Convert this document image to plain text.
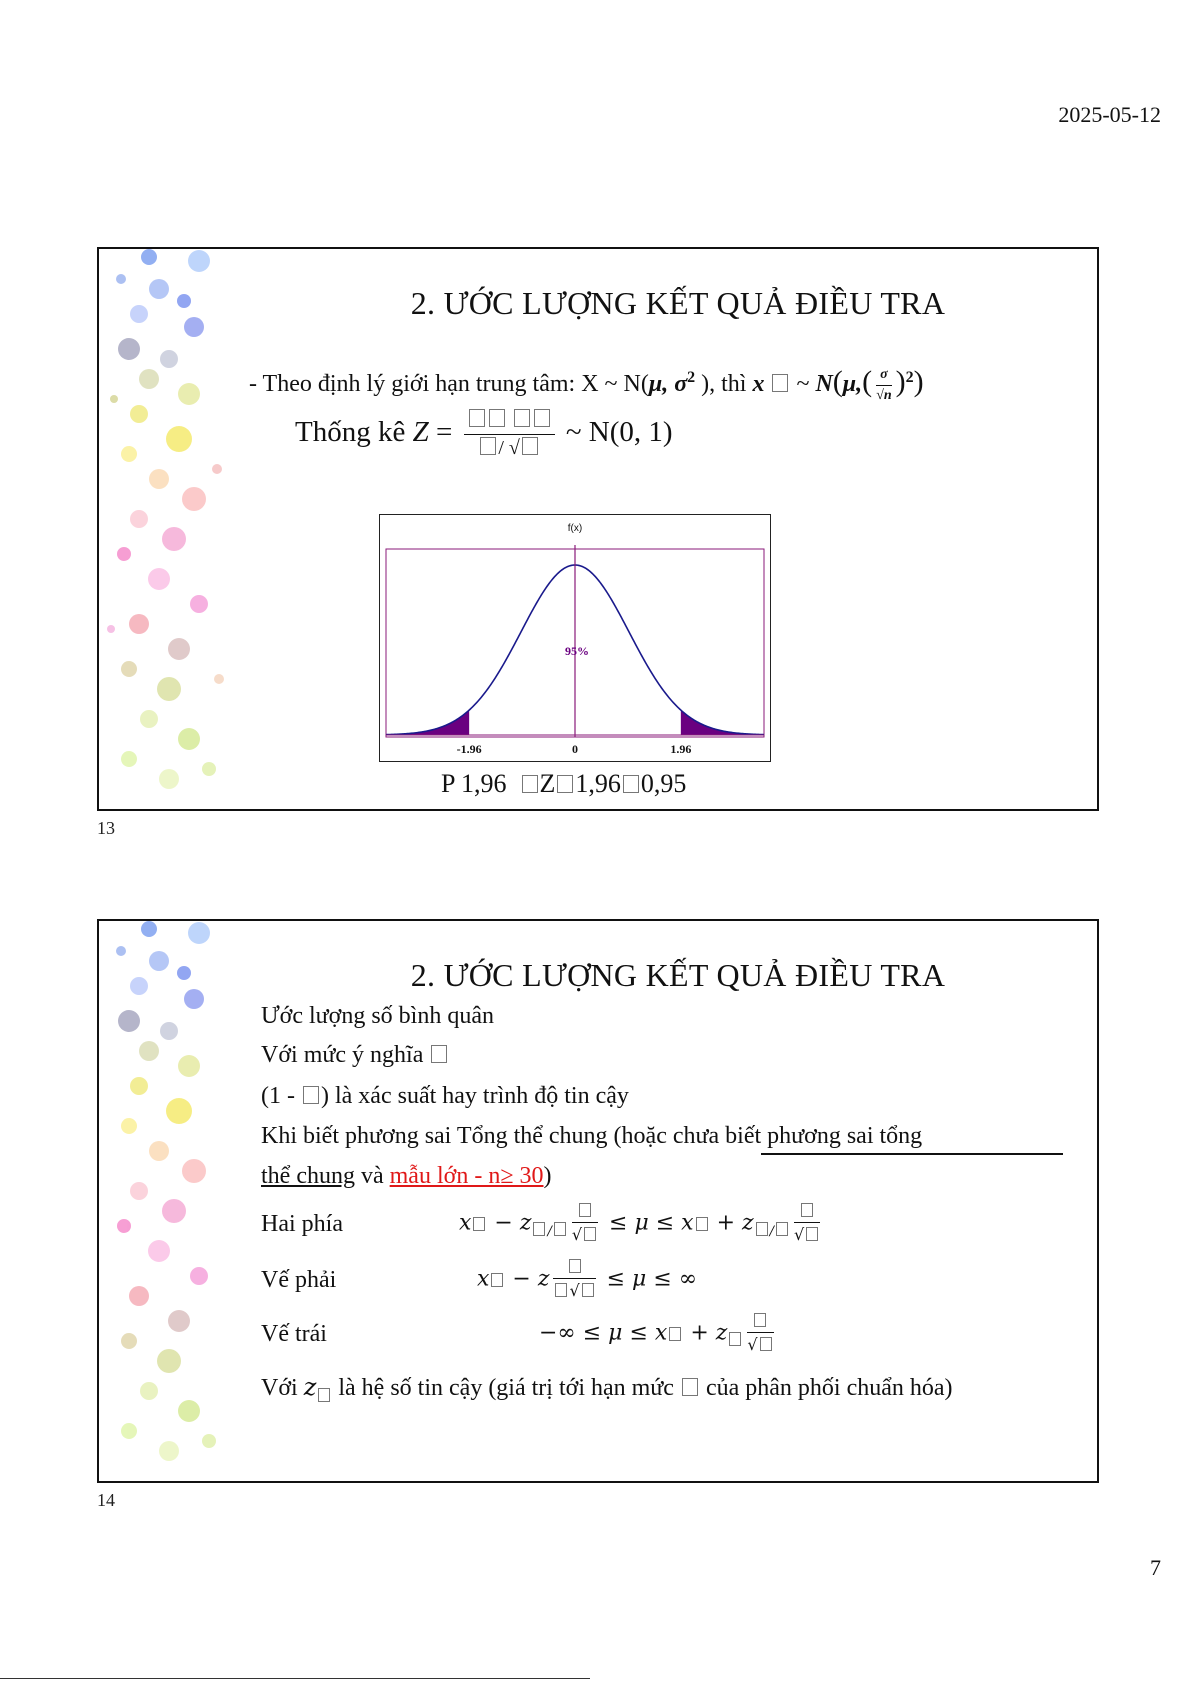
2025-05-12
2. ƯỚC LƯỢNG KẾT QUẢ ĐIỀU TRA
- Theo định lý giới hạn trung tâm: X ~ N(μ, $\sigma^2$ ), thì x  ~ $N(\mu,( \frac{\sigma}{√n} )^2)$
Thống kê Z =
	/ √	~ N(0, 1)
f(x)
95%
-1.96	0	1.96
P 1,96 Z 1,96 0,95
13
2. ƯỚC LƯỢNG KẾT QUẢ ĐIỀU TRA
Ước lượng số bình quân
Với mức ý nghĩa
(1 - ) là xác suất hay trình độ tin cậy
Khi biết phương sai Tổng thể chung (hoặc chưa biết phương sai tổng
thể chung và mẫu lớn - n≥ 30)
Hai phía	x − z $_/$ √ ≤ μ ≤ x + z $_/$ √
Vế phải	x − z	√ ≤ μ ≤ ∞
Vế trái	−∞ ≤ μ ≤ x + z √
Với z là hệ số tin cậy (giá trị tới hạn mức  của phân phối chuẩn hóa)
14
7
